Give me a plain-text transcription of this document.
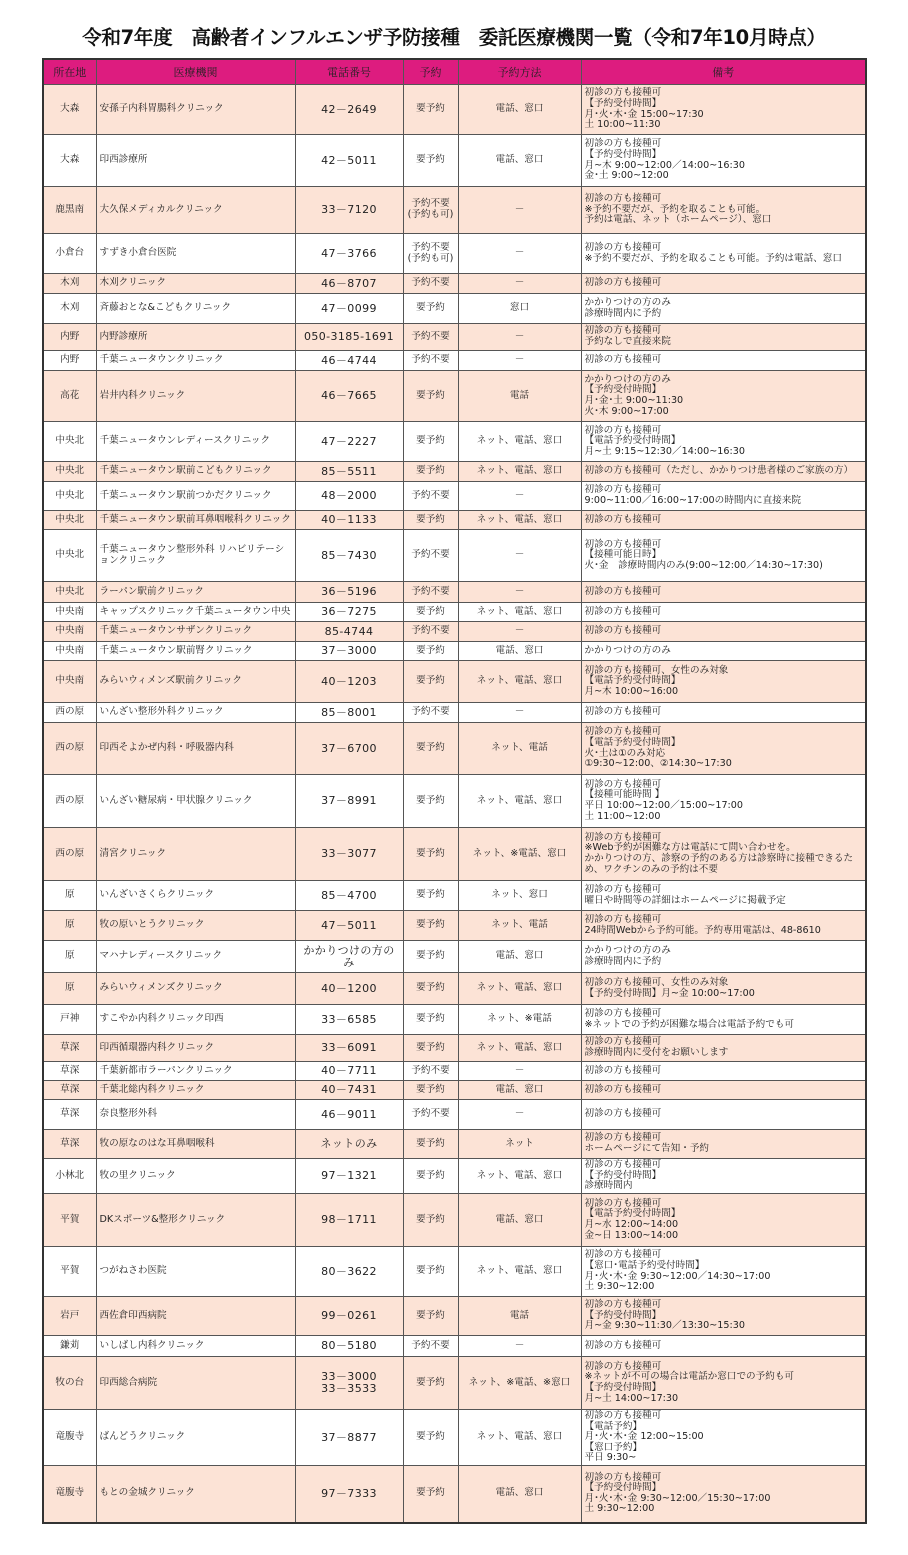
令和7年度　高齢者インフルエンザ予防接種　委託医療機関一覧（令和7年10月時点）
所在地	医療機関	電話番号	予約	予約方法	備考
大森	安孫子内科胃腸科クリニック	42－2649	要予約	電話、窓口	初診の方も接種可
【予約受付時間】
月･火･木･金 15:00~17:30
土 10:00~11:30
大森	印西診療所	42－5011	要予約	電話、窓口	初診の方も接種可
【予約受付時間】
月~木 9:00~12:00／14:00~16:30
金･土 9:00~12:00
鹿黒南	大久保メディカルクリニック	33－7120	予約不要
(予約も可)	－	初診の方も接種可
※予約不要だが、予約を取ることも可能。
予約は電話、ネット（ホームページ）、窓口
小倉台	すずき小倉台医院	47－3766	予約不要
(予約も可)	－	初診の方も接種可
※予約不要だが、予約を取ることも可能。予約は電話、窓口
木刈	木刈クリニック	46－8707	予約不要	－	初診の方も接種可
木刈	斉藤おとな&こどもクリニック	47－0099	要予約	窓口	かかりつけの方のみ
診療時間内に予約
内野	内野診療所	050-3185-1691	予約不要	－	初診の方も接種可
予約なしで直接来院
内野	千葉ニュータウンクリニック	46－4744	予約不要	－	初診の方も接種可
高花	岩井内科クリニック	46－7665	要予約	電話	かかりつけの方のみ
【予約受付時間】
月･金･土 9:00~11:30
火･木 9:00~17:00
中央北	千葉ニュータウンレディースクリニック	47－2227	要予約	ネット、電話、窓口	初診の方も接種可
【電話予約受付時間】
月~土 9:15~12:30／14:00~16:30
中央北	千葉ニュータウン駅前こどもクリニック	85－5511	要予約	ネット、電話、窓口	初診の方も接種可（ただし、かかりつけ患者様のご家族の方）
中央北	千葉ニュータウン駅前つかだクリニック	48－2000	予約不要	－	初診の方も接種可
9:00~11:00／16:00~17:00の時間内に直接来院
中央北	千葉ニュータウン駅前耳鼻咽喉科クリニック	40－1133	要予約	ネット、電話、窓口	初診の方も接種可
中央北	千葉ニュータウン整形外科 リハビリテーションクリニック	85－7430	予約不要	－	初診の方も接種可
【接種可能日時】
火･金　診療時間内のみ(9:00~12:00／14:30~17:30)
中央北	ラーパン駅前クリニック	36－5196	予約不要	－	初診の方も接種可
中央南	キャップスクリニック千葉ニュータウン中央	36－7275	要予約	ネット、電話、窓口	初診の方も接種可
中央南	千葉ニュータウンサザンクリニック	85-4744	予約不要	－	初診の方も接種可
中央南	千葉ニュータウン駅前腎クリニック	37－3000	要予約	電話、窓口	かかりつけの方のみ
中央南	みらいウィメンズ駅前クリニック	40－1203	要予約	ネット、電話、窓口	初診の方も接種可、女性のみ対象
【電話予約受付時間】
月~木 10:00~16:00
西の原	いんざい整形外科クリニック	85－8001	予約不要	－	初診の方も接種可
西の原	印西そよかぜ内科・呼吸器内科	37－6700	要予約	ネット、電話	初診の方も接種可
【電話予約受付時間】
火･土は①のみ対応
①9:30~12:00、②14:30~17:30
西の原	いんざい糖尿病・甲状腺クリニック	37－8991	要予約	ネット、電話、窓口	初診の方も接種可
【接種可能時間 】
平日 10:00~12:00／15:00~17:00
土 11:00~12:00
西の原	清宮クリニック	33－3077	要予約	ネット、※電話、窓口	初診の方も接種可
※Web予約が困難な方は電話にて問い合わせを。
かかりつけの方、診察の予約のある方は診察時に接種できるため、ワクチンのみの予約は不要
原	いんざいさくらクリニック	85－4700	要予約	ネット、窓口	初診の方も接種可
曜日や時間等の詳細はホームページに掲載予定
原	牧の原いとうクリニック	47－5011	要予約	ネット、電話	初診の方も接種可
24時間Webから予約可能。予約専用電話は、48-8610
原	マハナレディースクリニック	かかりつけの方のみ	要予約	電話、窓口	かかりつけの方のみ
診療時間内に予約
原	みらいウィメンズクリニック	40－1200	要予約	ネット、電話、窓口	初診の方も接種可、女性のみ対象
【予約受付時間】月~金 10:00~17:00
戸神	すこやか内科クリニック印西	33－6585	要予約	ネット、※電話	初診の方も接種可
※ネットでの予約が困難な場合は電話予約でも可
草深	印西循環器内科クリニック	33－6091	要予約	ネット、電話、窓口	初診の方も接種可
診療時間内に受付をお願いします
草深	千葉新都市ラーパンクリニック	40－7711	予約不要	－	初診の方も接種可
草深	千葉北総内科クリニック	40－7431	要予約	電話、窓口	初診の方も接種可
草深	奈良整形外科	46－9011	予約不要	－	初診の方も接種可
草深	牧の原なのはな耳鼻咽喉科	ネットのみ	要予約	ネット	初診の方も接種可
ホームページにて告知・予約
小林北	牧の里クリニック	97－1321	要予約	ネット、電話、窓口	初診の方も接種可
【予約受付時間】
診療時間内
平賀	DKスポーツ&整形クリニック	98－1711	要予約	電話、窓口	初診の方も接種可
【電話予約受付時間】
月~水 12:00~14:00
金~日 13:00~14:00
平賀	つがねさわ医院	80－3622	要予約	ネット、電話、窓口	初診の方も接種可
【窓口･電話予約受付時間】
月･火･木･金 9:30~12:00／14:30~17:00
土 9:30~12:00
岩戸	西佐倉印西病院	99－0261	要予約	電話	初診の方も接種可
【予約受付時間】
月~金 9:30~11:30／13:30~15:30
鎌苅	いしばし内科クリニック	80－5180	予約不要	－	初診の方も接種可
牧の台	印西総合病院	33－3000
33－3533	要予約	ネット、※電話、※窓口	初診の方も接種可
※ネットが不可の場合は電話か窓口での予約も可
【予約受付時間】
月~土 14:00~17:30
竜腹寺	ばんどうクリニック	37－8877	要予約	ネット、電話、窓口	初診の方も接種可
【電話予約】
月･火･木･金 12:00~15:00
【窓口予約】
平日 9:30~
竜腹寺	もとの金城クリニック	97－7333	要予約	電話、窓口	初診の方も接種可
【予約受付時間】
月･火･木･金 9:30~12:00／15:30~17:00
土 9:30~12:00
